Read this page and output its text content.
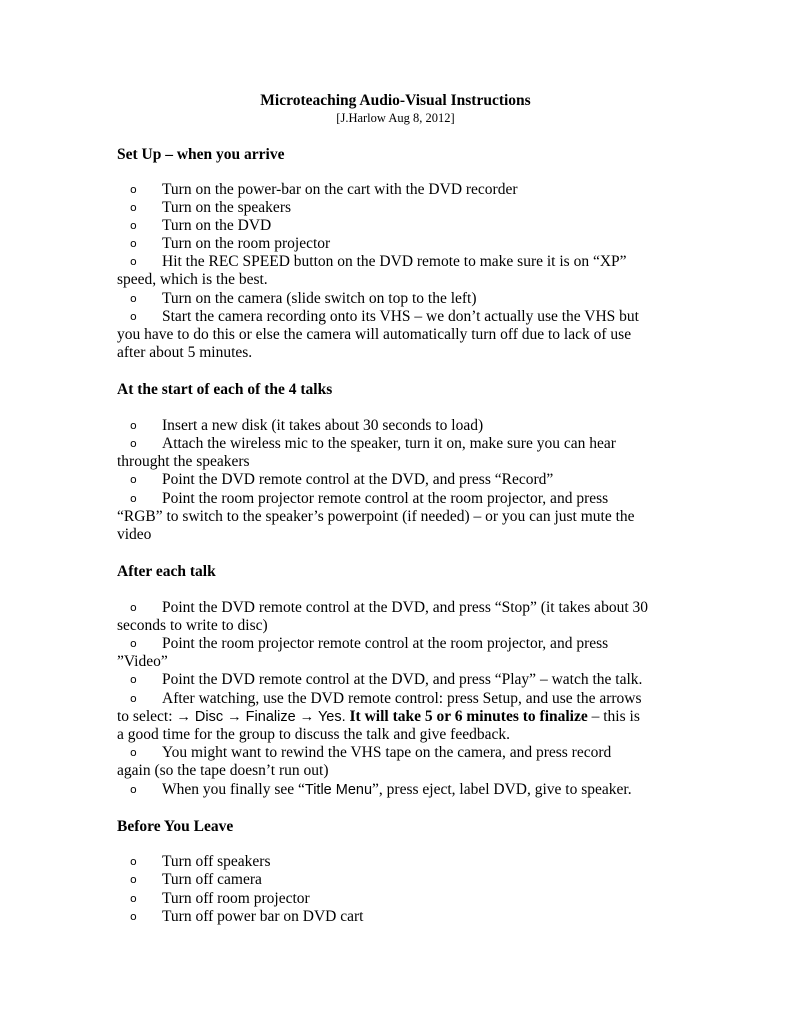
Microteaching Audio-Visual Instructions
[J.Harlow Aug 8, 2012]
Set Up – when you arrive
o Turn on the power-bar on the cart with the DVD recorder
o Turn on the speakers
o Turn on the DVD
o Turn on the room projector
o Hit the REC SPEED button on the DVD remote to make sure it is on “XP”
speed, which is the best.
o Turn on the camera (slide switch on top to the left)
o Start the camera recording onto its VHS – we don’t actually use the VHS but
you have to do this or else the camera will automatically turn off due to lack of use
after about 5 minutes.
At the start of each of the 4 talks
o Insert a new disk (it takes about 30 seconds to load)
o Attach the wireless mic to the speaker, turn it on, make sure you can hear
throught the speakers
o Point the DVD remote control at the DVD, and press “Record”
o Point the room projector remote control at the room projector, and press
“RGB” to switch to the speaker’s powerpoint (if needed) – or you can just mute the
video
After each talk
o Point the DVD remote control at the DVD, and press “Stop” (it takes about 30
seconds to write to disc)
o Point the room projector remote control at the room projector, and press
”Video”
o Point the DVD remote control at the DVD, and press “Play” – watch the talk.
o After watching, use the DVD remote control: press Setup, and use the arrows
to select: → Disc → Finalize → Yes. It will take 5 or 6 minutes to finalize – this is
a good time for the group to discuss the talk and give feedback.
o You might want to rewind the VHS tape on the camera, and press record
again (so the tape doesn’t run out)
o When you finally see “Title Menu”, press eject, label DVD, give to speaker.
Before You Leave
o Turn off speakers
o Turn off camera
o Turn off room projector
o Turn off power bar on DVD cart
